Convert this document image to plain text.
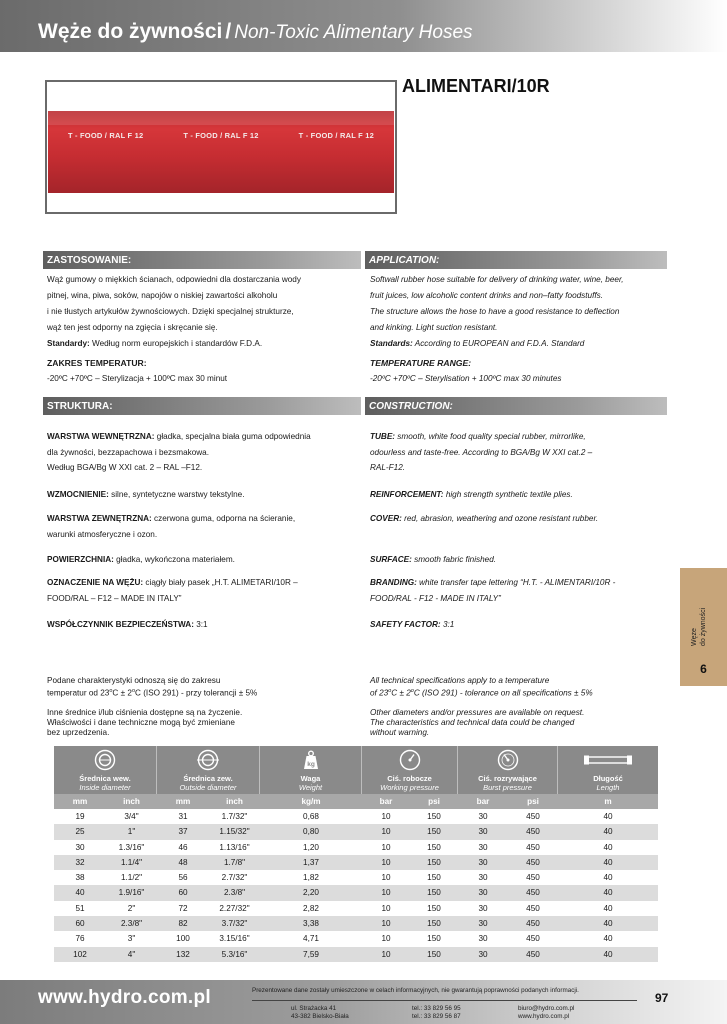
Węże do żywności / Non-Toxic Alimentary Hoses
T - FOOD / RAL F 12	T - FOOD / RAL F 12	T - FOOD / RAL F 12
ALIMENTARI/10R
ZASTOSOWANIE:	APPLICATION:
Wąż gumowy o miękkich ścianach, odpowiedni dla dostarczania wody
pitnej, wina, piwa, soków, napojów o niskiej zawartości alkoholu
i nie tłustych artykułów żywnościowych. Dzięki specjalnej strukturze,
wąż ten jest odporny na zgięcia i skręcanie się.
Standardy: Według norm europejskich i standardów F.D.A.
Softwall rubber hose suitable for delivery of drinking water, wine, beer,
fruit juices, low alcoholic content drinks and non–fatty foodstuffs.
The structure allows the hose to have a good resistance to deflection
and kinking. Light suction resistant.
Standards: According to EUROPEAN and F.D.A. Standard
ZAKRES TEMPERATUR:
-20ºC +70ºC – Sterylizacja + 100ºC max 30 minut
TEMPERATURE RANGE:
-20ºC +70ºC – Sterylisation + 100ºC max 30 minutes
STRUKTURA:	CONSTRUCTION:
WARSTWA WEWNĘTRZNA: gładka, specjalna biała guma odpowiednia
dla żywności, bezzapachowa i bezsmakowa.
Według BGA/Bg W XXI cat. 2 – RAL –F12.
TUBE: smooth, white food quality special rubber, mirrorlike,
odourless and taste-free. According to BGA/Bg W XXI cat.2 –
RAL-F12.
WZMOCNIENIE: silne, syntetyczne warstwy tekstylne.	REINFORCEMENT: high strength synthetic textile plies.
WARSTWA ZEWNĘTRZNA: czerwona guma, odporna na ścieranie,
warunki atmosferyczne i ozon.
COVER: red, abrasion, weathering and ozone resistant rubber.
POWIERZCHNIA: gładka, wykończona materiałem.	SURFACE: smooth fabric finished.
OZNACZENIE NA WĘŻU: ciągły biały pasek „H.T. ALIMETARI/10R –
FOOD/RAL – F12 – MADE IN ITALY”
BRANDING: white transfer tape lettering “H.T. - ALIMENTARI/10R -
FOOD/RAL - F12 - MADE IN ITALY”
WSPÓŁCZYNNIK BEZPIECZEŃSTWA: 3:1	SAFETY FACTOR: 3:1
Podane charakterystyki odnoszą się do zakresu
temperatur od $23^oC \pm 2^oC$ (ISO 291) - przy tolerancji ± 5%
All technical specifications apply to a temperature
of $23^oC \pm 2^oC$ (ISO 291) - tolerance on all specifications ± 5%
Inne średnice i/lub ciśnienia dostępne są na życzenie.
Właściwości i dane techniczne mogą być zmieniane
bez uprzedzenia.
Other diameters and/or pressures are available on request.
The characteristics and technical data could be changed
without warning.
Węże do żywności
6
Średnica wew.
Inside diameter
Średnica zew.
Outside diameter
kg
Waga
Weight
Ciś. robocze
Working pressure
Ciś. rozrywające
Burst pressure
Długość
Length
mm	inch	mm	inch	kg/m	bar	psi	bar	psi	m
19	3/4"	31	1.7/32"	0,68	10	150	30	450	40
25	1"	37	1.15/32"	0,80	10	150	30	450	40
30	1.3/16"	46	1.13/16"	1,20	10	150	30	450	40
32	1.1/4"	48	1.7/8"	1,37	10	150	30	450	40
38	1.1/2"	56	2.7/32"	1,82	10	150	30	450	40
40	1.9/16"	60	2.3/8"	2,20	10	150	30	450	40
51	2"	72	2.27/32"	2,82	10	150	30	450	40
60	2.3/8"	82	3.7/32"	3,38	10	150	30	450	40
76	3"	100	3.15/16"	4,71	10	150	30	450	40
102	4"	132	5.3/16"	7,59	10	150	30	450	40
www.hydro.com.pl	Prezentowane dane zostały umieszczone w celach informacyjnych, nie gwarantują poprawności podanych informacji.
ul. Strażacka 41
43-382 Bielsko-Biała
tel.: 33 829 56 95
tel.: 33 829 56 87
biuro@hydro.com.pl
www.hydro.com.pl
97
